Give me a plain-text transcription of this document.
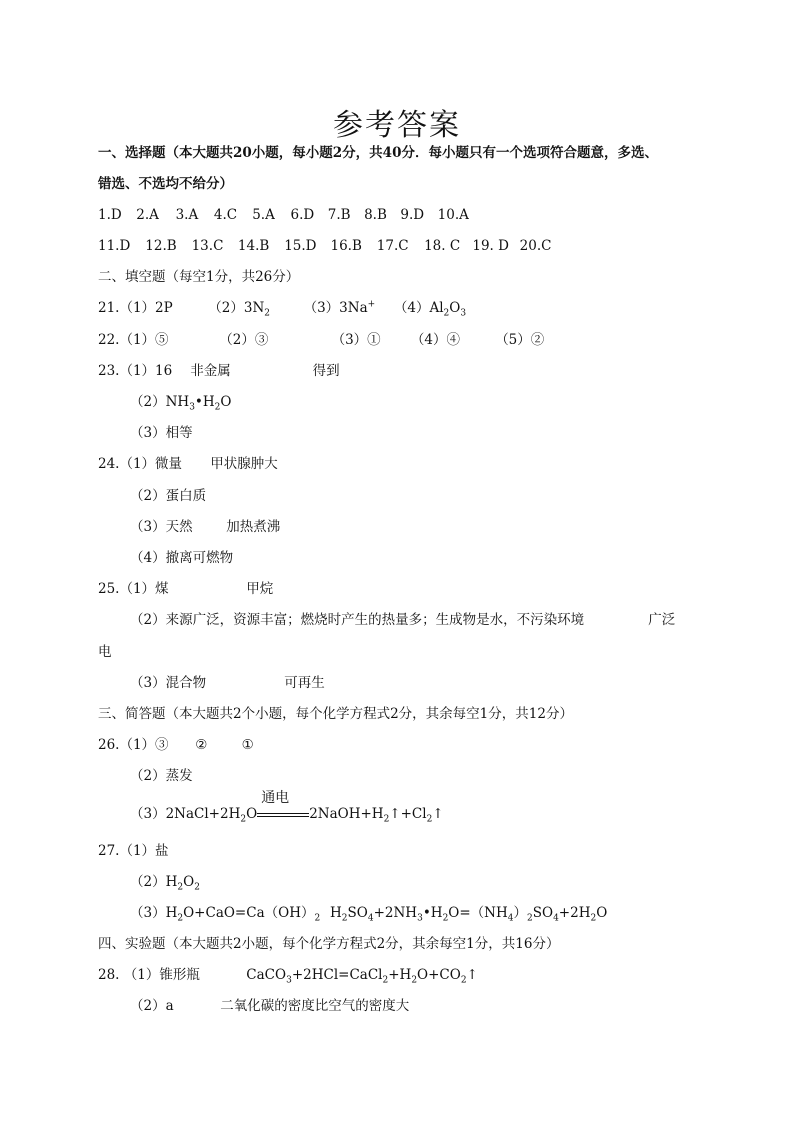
参考答案
一、选择题（本大题共20小题，每小题2分，共40分．每小题只有一个选项符合题意，多选、
错选、不选均不给分）
1.D 2.A 3.A 4.C 5.A 6.D 7.B 8.B 9.D 10.A
11.D 12.B 13.C 14.B 15.D 16.B 17.C 18. C 19. D 20.C
二、填空题（每空1分，共26分）
21.（1）2P	$(2)3N_2$ （3）3Na+ $(4)Al_2O_3$
22.（1）⑤	（2）③	（3）① （4）④	（5）②
23.（1）16 非金属	得到
$(2)NH_3•H_2O$
（3）相等
24.（1）微量 甲状腺肿大
（2）蛋白质
（3）天然 加热煮沸
（4）撤离可燃物
25.（1）煤	甲烷
（2）来源广泛，资源丰富；燃烧时产生的热量多；生成物是水，不污染环境	广泛
电
（3）混合物	可再生
三、简答题（本大题共2个小题，每个化学方程式2分，其余每空1分，共12分）
26.（1）③ ②	①
（2）蒸发
$(3)2NaCl+2H_2O$
通电
$2NaOH+H_2↑+Cl_2↑$
27.（1）盐
$(2)H_2O_2$
$(3)H_2O+CaO=Ca(OH)_2$ $H_2SO_4+2NH_3•H_2O=(NH_4)_2SO_4+2H_2O$
四、实验题（本大题共2小题，每个化学方程式2分，其余每空1分，共16分）
28. （1）锥形瓶	$CaCO_3+2HCl=CaCl_2+H_2O+CO_2↑$
（2）a	二氧化碳的密度比空气的密度大
